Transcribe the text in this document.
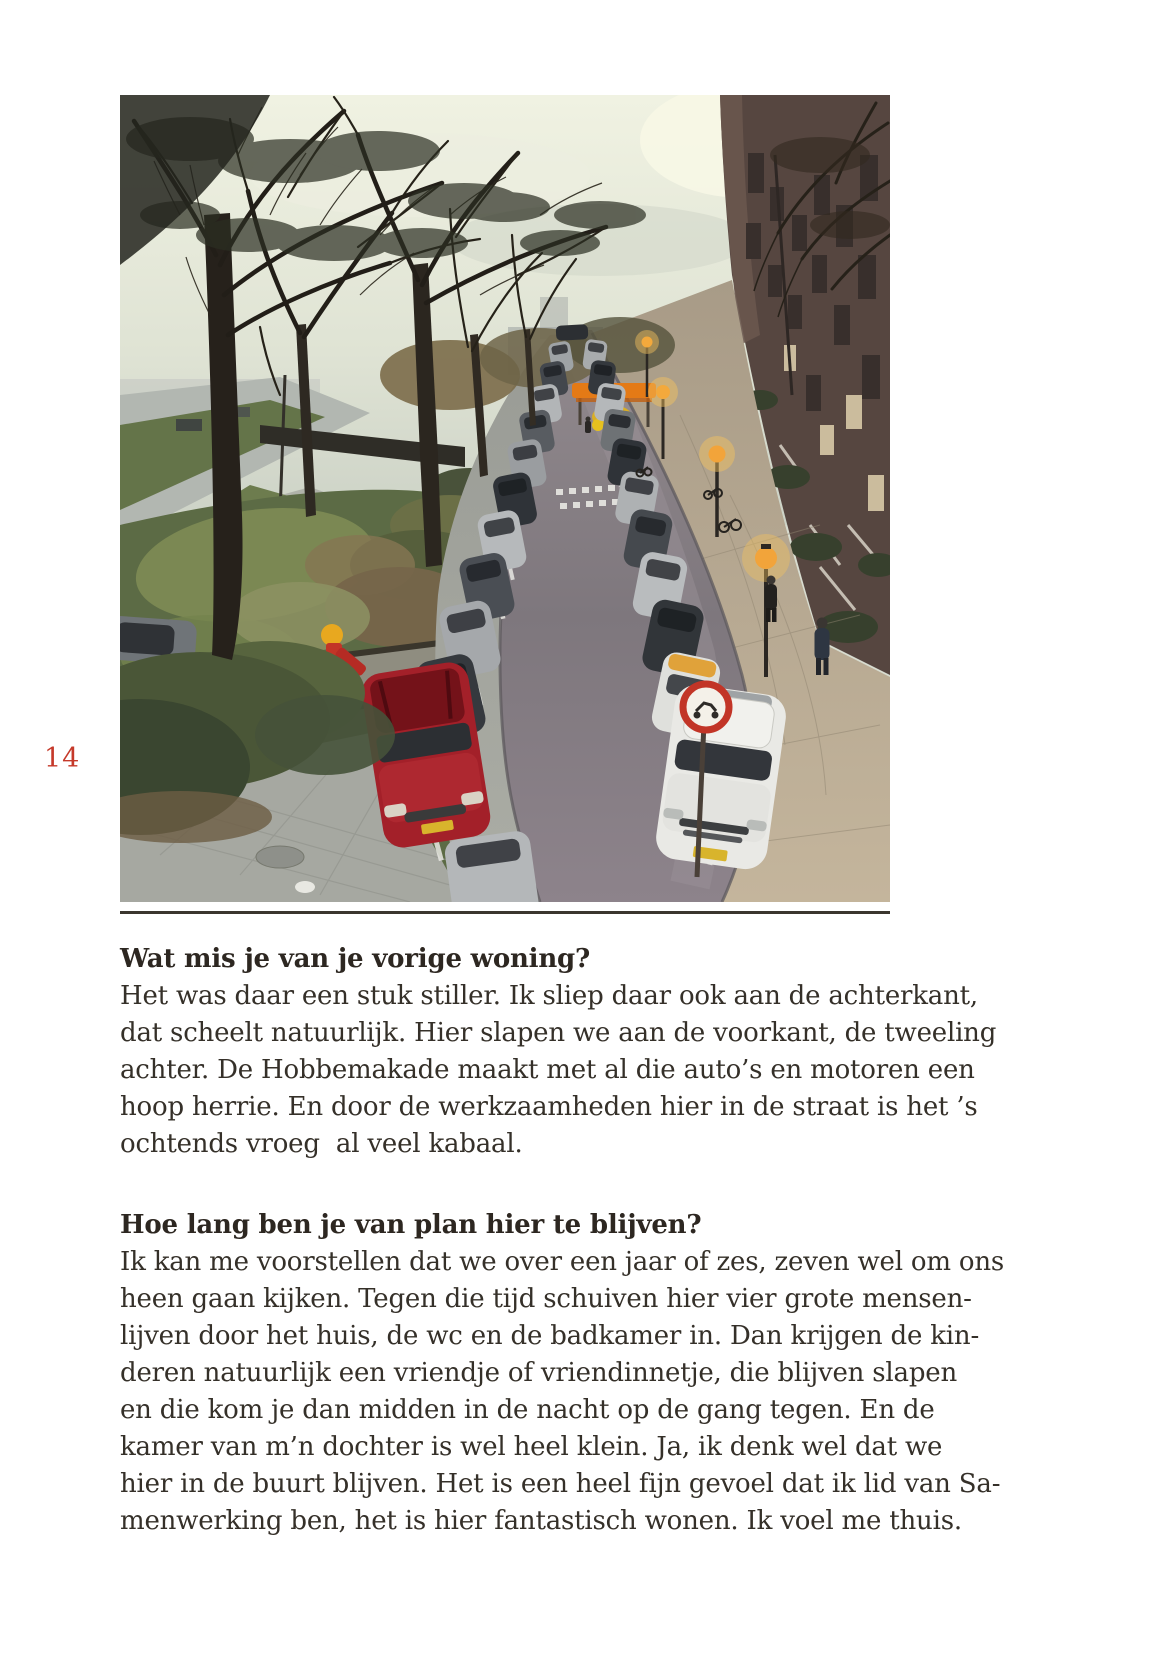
14

Wat mis je van je vorige woning?

Het was daar een stuk stiller. Ik sliep daar ook aan de achterkant,
dat scheelt natuurlijk. Hier slapen we aan de voorkant, de tweeling
achter. De Hobbemakade maakt met al die auto’s en motoren een
hoop herrie. En door de werkzaamheden hier in de straat is het ’s
ochtends vroeg  al veel kabaal.

Hoe lang ben je van plan hier te blijven?

Ik kan me voorstellen dat we over een jaar of zes, zeven wel om ons
heen gaan kijken. Tegen die tijd schuiven hier vier grote mensen-
lijven door het huis, de wc en de badkamer in. Dan krijgen de kin-
deren natuurlijk een vriendje of vriendinnetje, die blijven slapen
en die kom je dan midden in de nacht op de gang tegen. En de
kamer van m’n dochter is wel heel klein. Ja, ik denk wel dat we
hier in de buurt blijven. Het is een heel fijn gevoel dat ik lid van Sa-
menwerking ben, het is hier fantastisch wonen. Ik voel me thuis.
